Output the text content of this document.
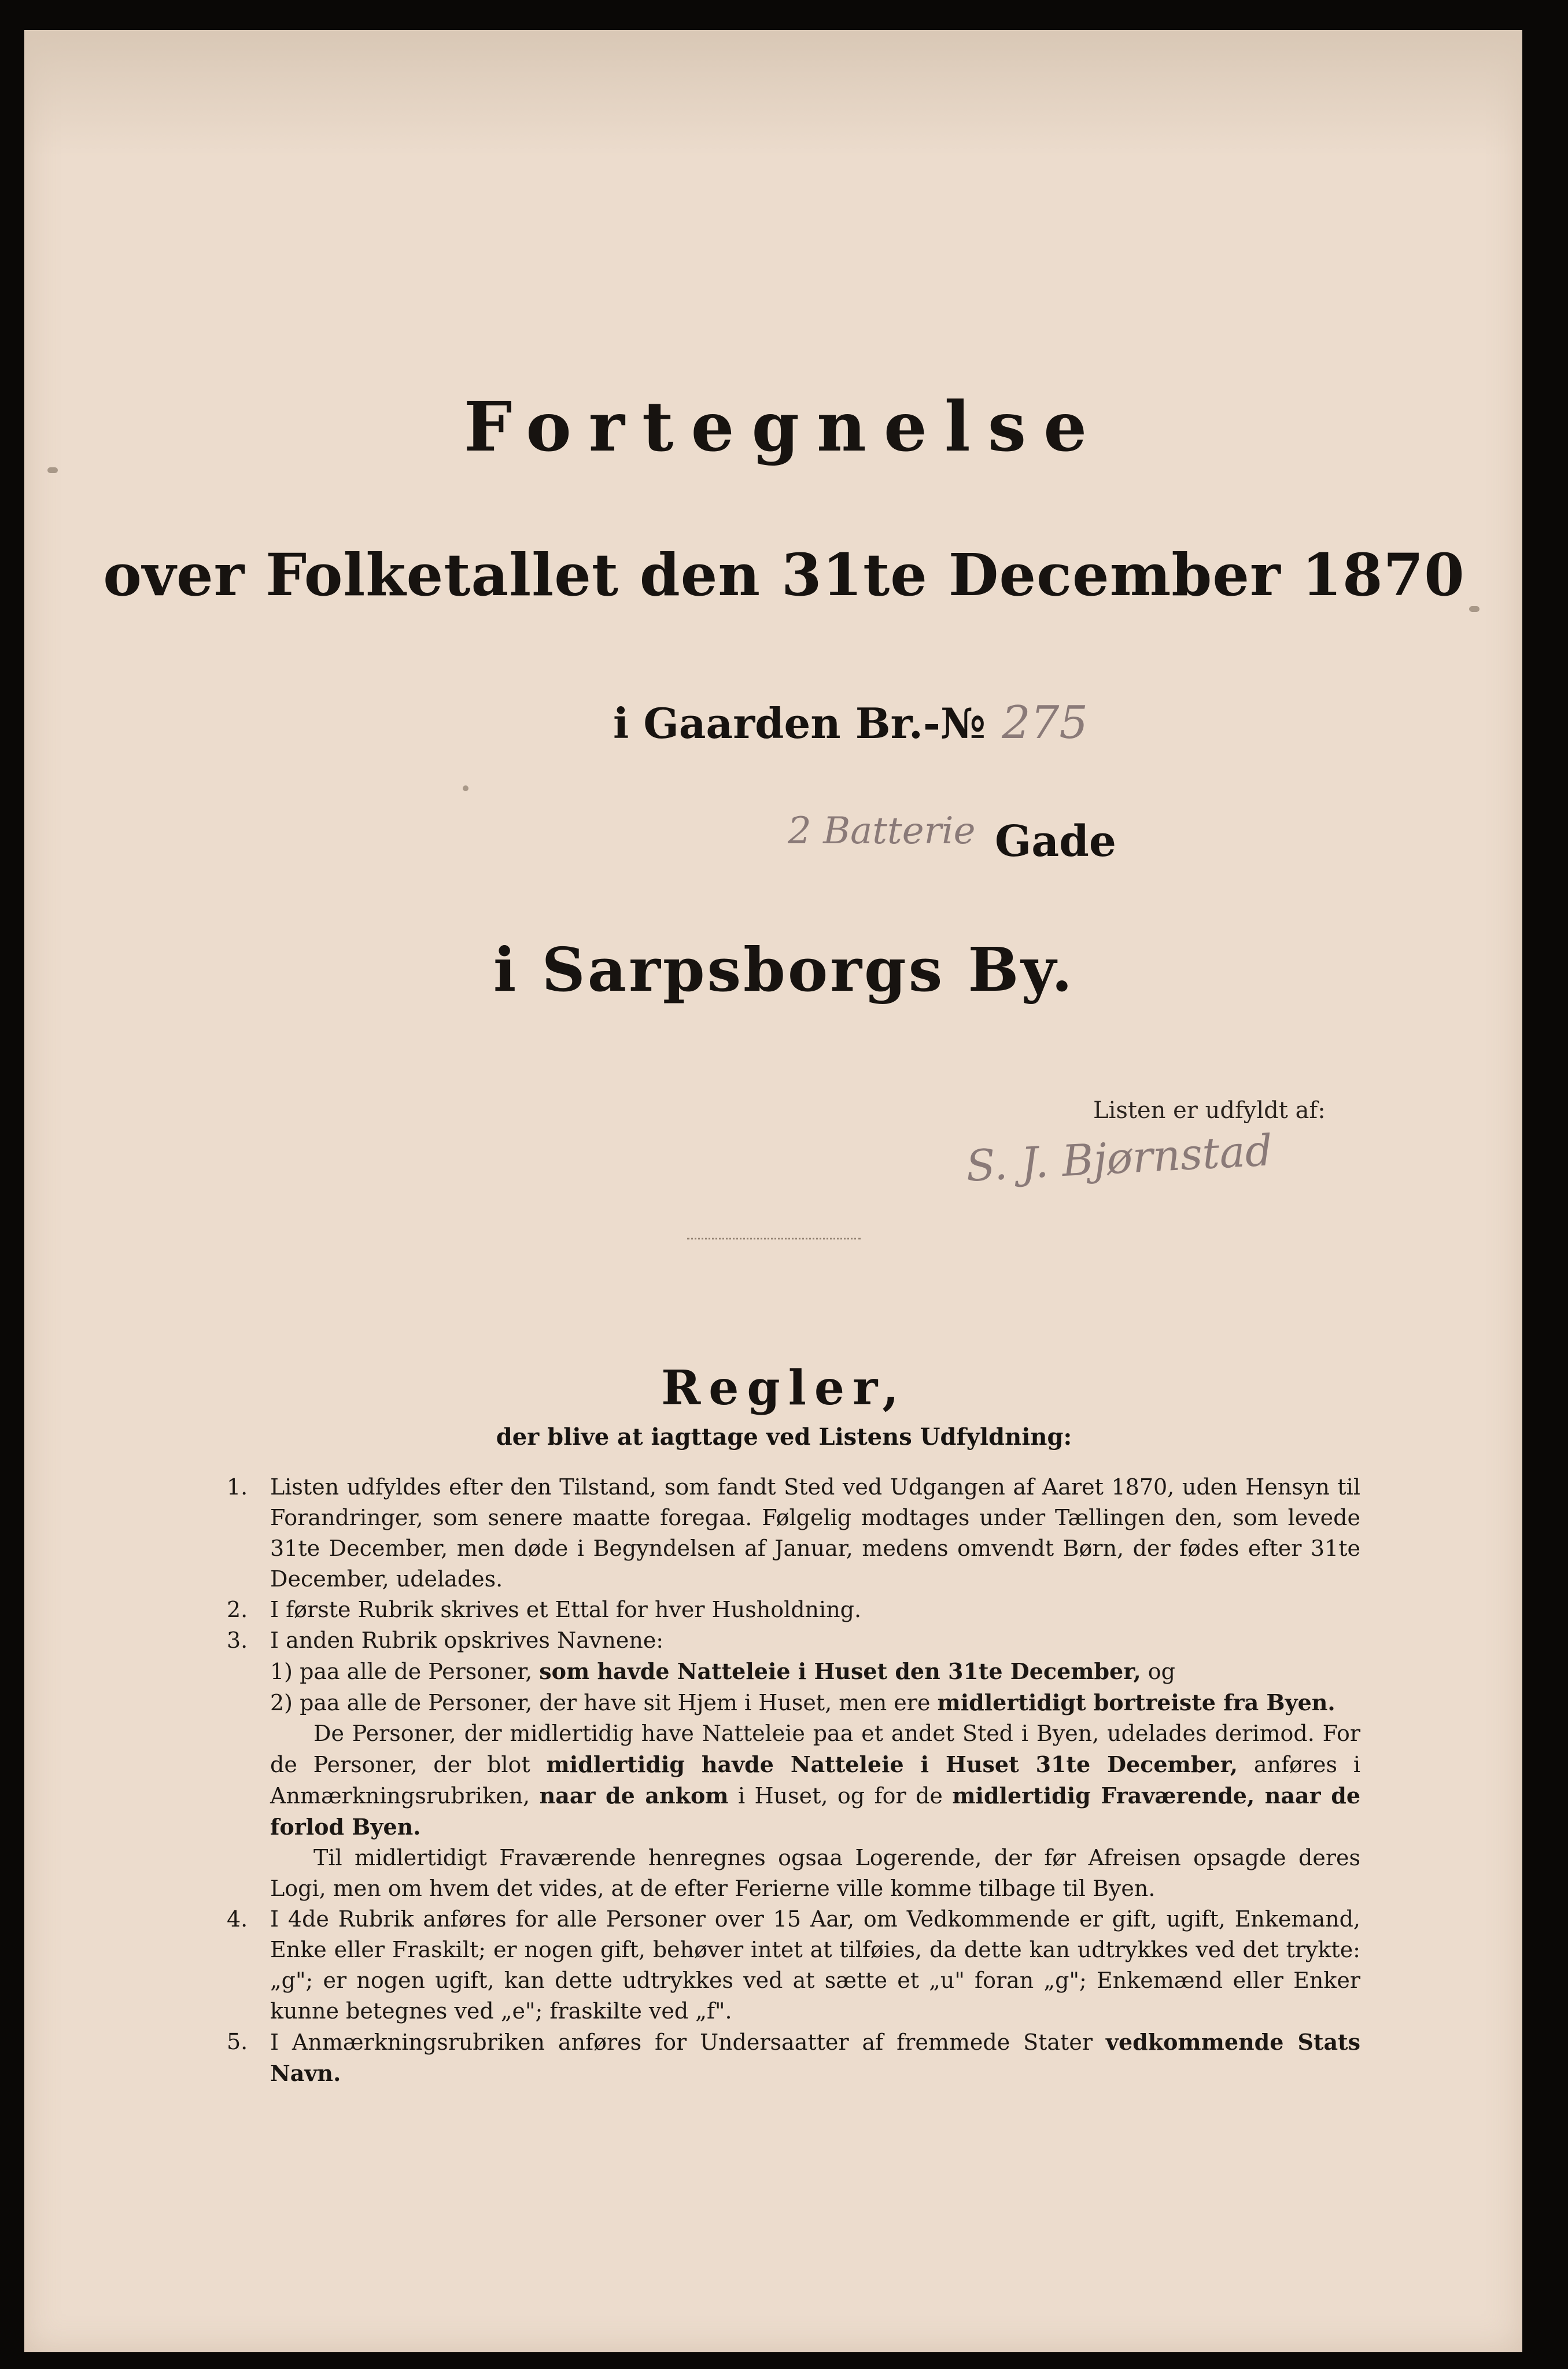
Fortegnelse
over Folketallet den 31te December 1870
i Gaarden Br.-№ 275
2 Batterie Gade
i Sarpsborgs By.
Listen er udfyldt af:
S. J. Bjørnstad
Regler,
der blive at iagttage ved Listens Udfyldning:

1. Listen udfyldes efter den Tilstand, som fandt Sted ved Udgangen af Aaret 1870, uden Hensyn til Forandringer, som senere maatte foregaa. Følgelig modtages under Tællingen den, som levede 31te December, men døde i Begyndelsen af Januar, medens omvendt Børn, der fødes efter 31te December, udelades.

2. I første Rubrik skrives et Ettal for hver Husholdning.

3. I anden Rubrik opskrives Navnene:

1) paa alle de Personer, som havde Natteleie i Huset den 31te December, og

2) paa alle de Personer, der have sit Hjem i Huset, men ere midlertidigt bortreiste fra Byen.

De Personer, der midlertidig have Natteleie paa et andet Sted i Byen, udelades derimod. For de Personer, der blot midlertidig havde Natteleie i Huset 31te December, anføres i Anmærkningsrubriken, naar de ankom i Huset, og for de midlertidig Fraværende, naar de forlod Byen.

Til midlertidigt Fraværende henregnes ogsaa Logerende, der før Afreisen opsagde deres Logi, men om hvem det vides, at de efter Ferierne ville komme tilbage til Byen.

4. I 4de Rubrik anføres for alle Personer over 15 Aar, om Vedkommende er gift, ugift, Enkemand, Enke eller Fraskilt; er nogen gift, behøver intet at tilføies, da dette kan udtrykkes ved det trykte: „g"; er nogen ugift, kan dette udtrykkes ved at sætte et „u" foran „g"; Enkemænd eller Enker kunne betegnes ved „e"; fraskilte ved „f".

5. I Anmærkningsrubriken anføres for Undersaatter af fremmede Stater vedkommende Stats Navn.
